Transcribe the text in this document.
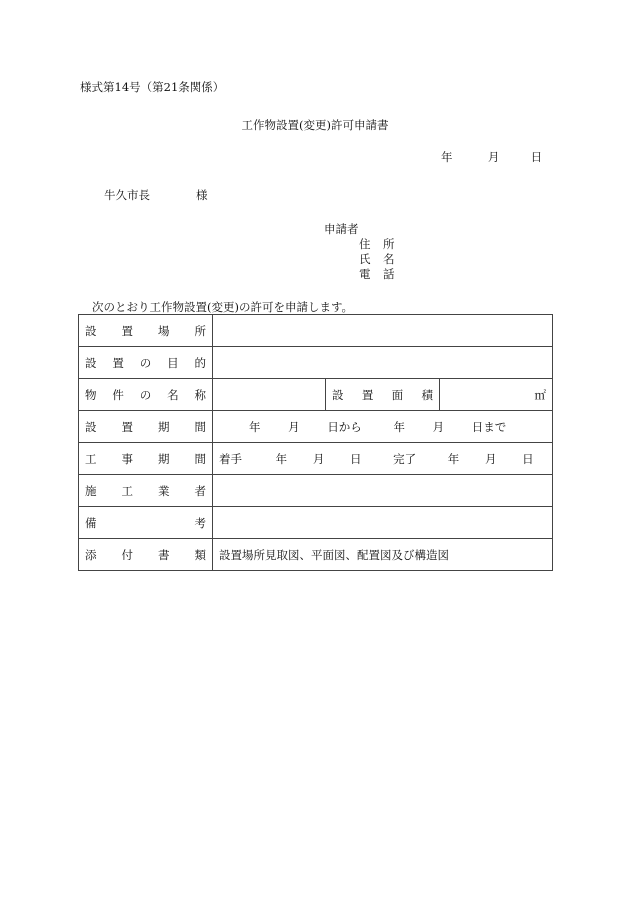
様式第14号（第21条関係）
工作物設置(変更)許可申請書
年	月	日
牛久市長	様
申請者
住 所
氏 名
電 話
次のとおり工作物設置(変更)の許可を申請します。
設 置 場 所			

設 置 の 目 的			

物 件 の 名 称		設 置 面 積	㎡

設 置 期 間	年 月 日から 年 月 日まで		

工 事 期 間	着手 年 月 日 完了 年 月 日		

施 工 業 者			

備 考			

添 付 書 類	設置場所見取図、平面図、配置図及び構造図		
